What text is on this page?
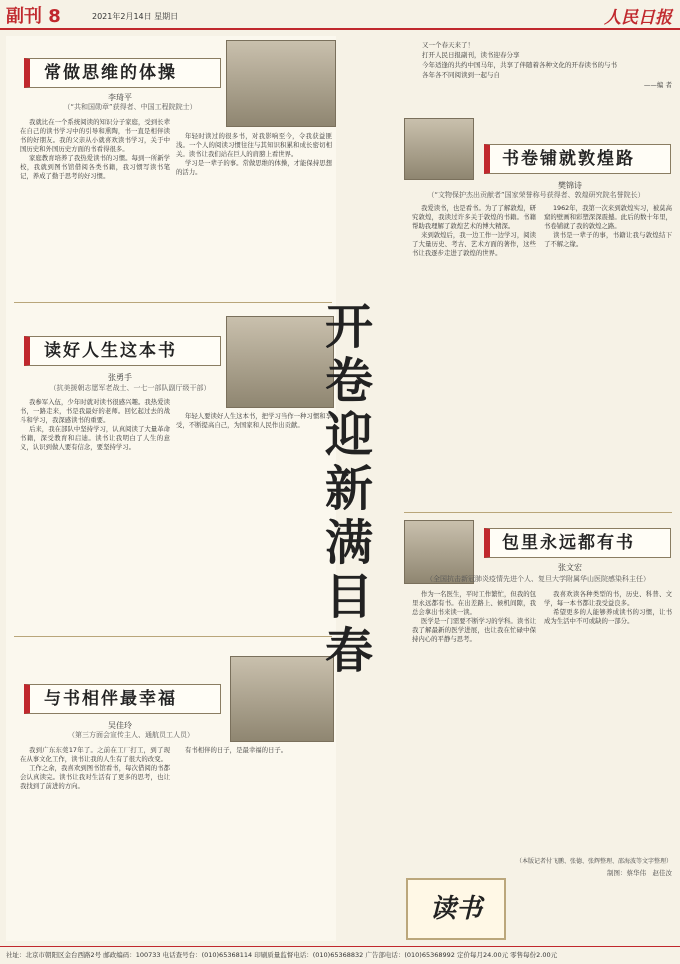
副刊 8	2021年2月14日 星期日	人民日报
常做思维的体操
李琦平
（“共和国勋章”获得者、中国工程院院士）

我就比在一个系统阅读的知识分子家庭，受到长辈在自己的读书学习中的引导和熏陶，书一直是相伴读书的好朋友。我的父亲从小就喜欢读书学习，关于中国历史和外国历史方面的书看得很多。

家庭教育培养了我热爱读书的习惯。每到一所新学校，我就到图书馆借阅各类书籍，我习惯写读书笔记，养成了勤于思考的好习惯。

年轻时读过的很多书，对我影响至今，令我获益匪浅。一个人的阅读习惯往往与其知识积累和成长密切相关。读书让我们站在巨人的肩膀上看世界。

学习是一辈子的事。常做思维的体操，才能保持思想的活力。

读好人生这本书
张勇手
（抗美援朝志愿军老战士、一七一部队副厅级干部）

我参军入伍，少年时就对读书很感兴趣。我热爱读书，一路走来，书是我最好的老师。回忆起过去的战斗和学习，我深感读书的重要。

后来，我在部队中坚持学习，认真阅读了大量革命书籍，深受教育和启迪。读书让我明白了人生的意义，认识到做人要有信念，要坚持学习。

年轻人要读好人生这本书，把学习当作一种习惯和享受，不断提高自己，为国家和人民作出贡献。

与书相伴最幸福
吴佳玲
（第三方面会宣传主人、通航员工人员）

我到广东东莞17年了。之前在工厂打工，到了现在从事文化工作，读书让我的人生有了很大的改变。

工作之余，我喜欢到图书馆看书，每次借阅的书都会认真读完。读书让我对生活有了更多的思考，也让我找到了前进的方向。

有书相伴的日子，是最幸福的日子。

开卷迎新满目春
又一个春天来了！
打开人民日报副刊，读书迎春分享
今年适逢的共约中国马年，共享了伴随着各种文化的开春读书的与书
各年各不同阅读到一起与自
——编 者
书卷铺就敦煌路
樊锦诗
（“文物保护杰出贡献者”国家荣誉称号获得者、敦煌研究院名誉院长）

我爱读书，也是看书。为了了解敦煌，研究敦煌，我读过许多关于敦煌的书籍。书籍帮助我理解了敦煌艺术的博大精深。

来到敦煌后，我一边工作一边学习，阅读了大量历史、考古、艺术方面的著作，这些书让我逐步走进了敦煌的世界。

1962年，我第一次来到敦煌实习，被莫高窟的壁画和彩塑深深震撼。此后的数十年里，书卷铺就了我的敦煌之路。

读书是一辈子的事，书籍让我与敦煌结下了不解之缘。

包里永远都有书
张文宏
（全国抗击新冠肺炎疫情先进个人、复旦大学附属华山医院感染科主任）

作为一名医生，平时工作繁忙，但我的包里永远都有书。在出差路上、候机间隙，我总会拿出书来读一读。

医学是一门需要不断学习的学科。读书让我了解最新的医学进展，也让我在忙碌中保持内心的平静与思考。

我喜欢读各种类型的书，历史、科普、文学，每一本书都让我受益良多。

希望更多的人能够养成读书的习惯，让书成为生活中不可或缺的一部分。

（本版记者付飞鹏、张德、张辉整理、邵海波等文字整理）
制图：蔡华伟　赵佳汝
读书
社址：北京市朝阳区金台西路2号 邮政编码：100733 电话查号台：(010)65368114 印刷质量监督电话：(010)65368832 广告部电话：(010)65368992 定价每月24.00元 零售每份2.00元
